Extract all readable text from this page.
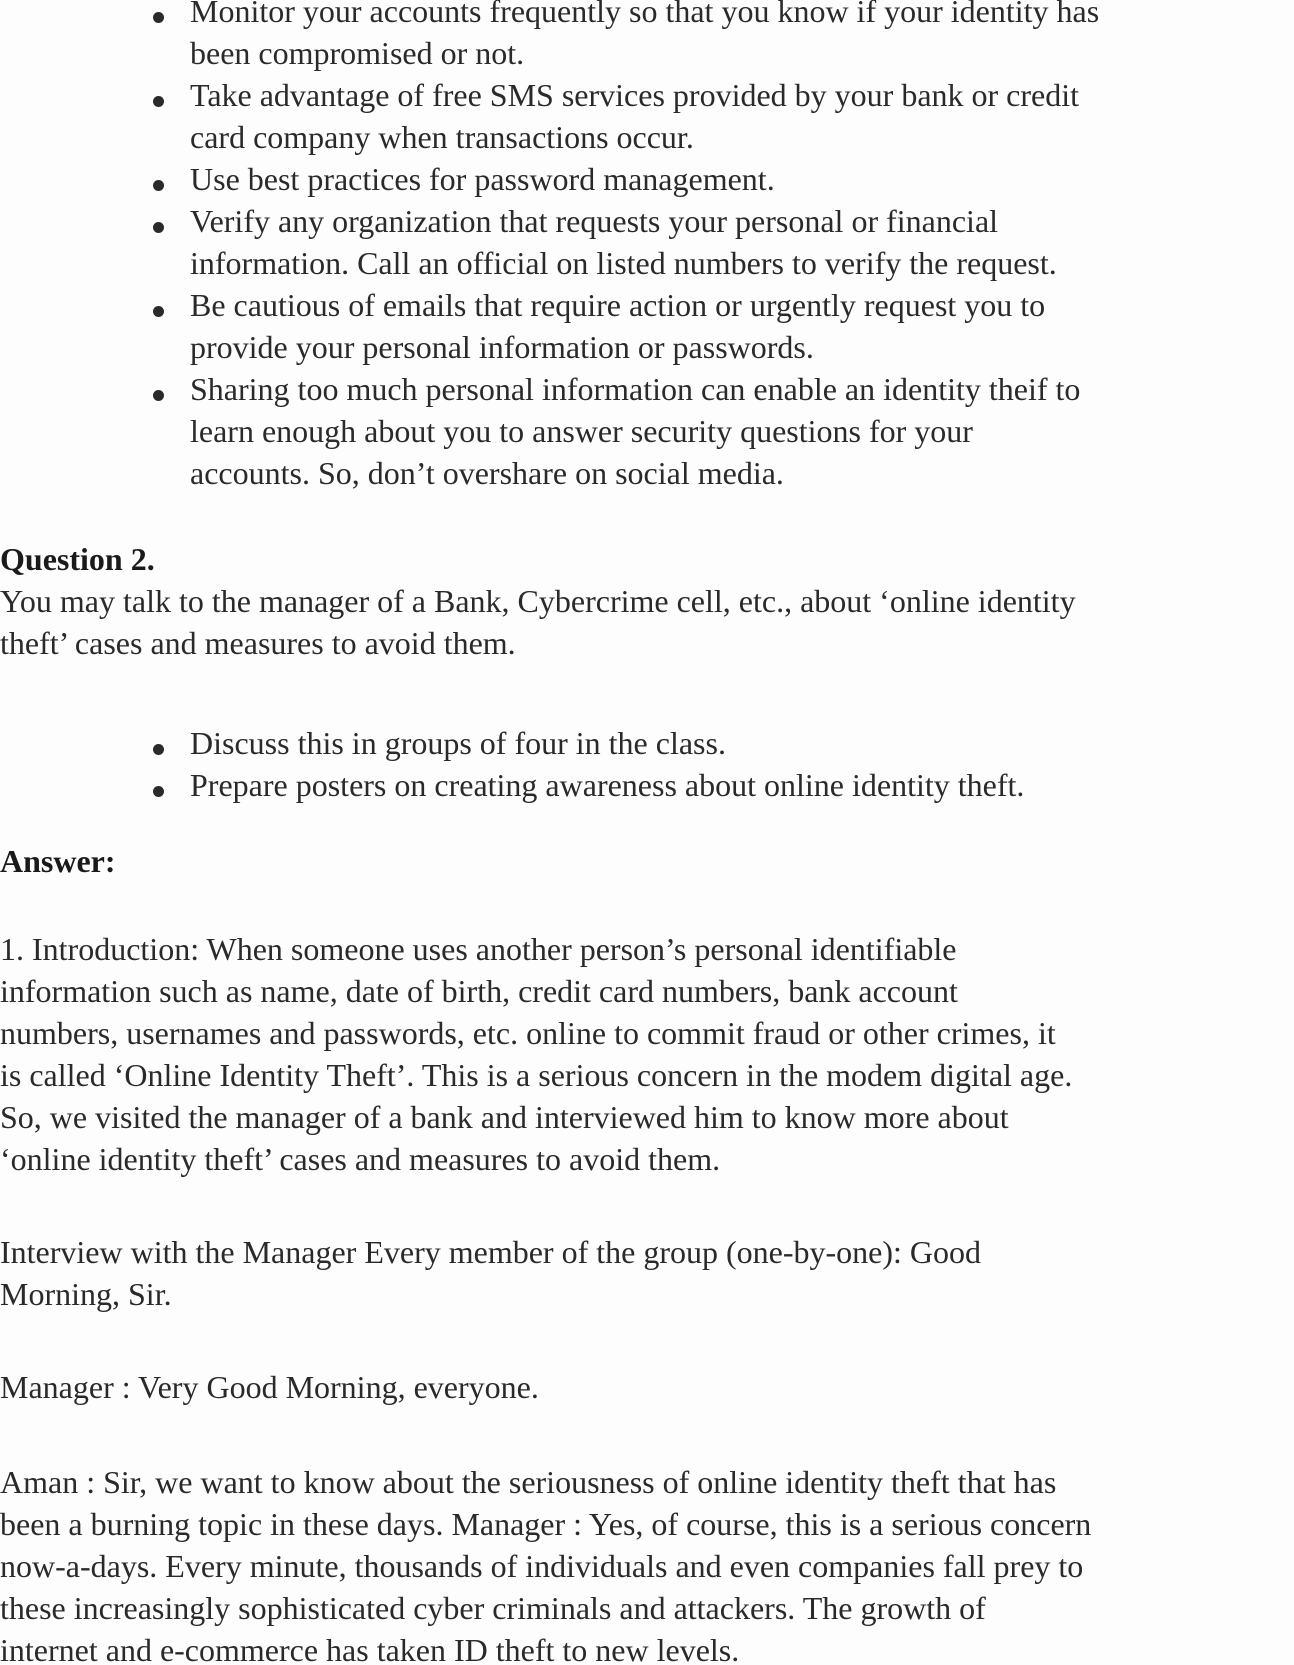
Monitor your accounts frequently so that you know if your identity has
been compromised or not.
Take advantage of free SMS services provided by your bank or credit
card company when transactions occur.
Use best practices for password management.
Verify any organization that requests your personal or financial
information. Call an official on listed numbers to verify the request.
Be cautious of emails that require action or urgently request you to
provide your personal information or passwords.
Sharing too much personal information can enable an identity theif to
learn enough about you to answer security questions for your
accounts. So, don’t overshare on social media.
Question 2.
You may talk to the manager of a Bank, Cybercrime cell, etc., about ‘online identity
theft’ cases and measures to avoid them.
Discuss this in groups of four in the class.
Prepare posters on creating awareness about online identity theft.
Answer:
1. Introduction: When someone uses another person’s personal identifiable
information such as name, date of birth, credit card numbers, bank account
numbers, usernames and passwords, etc. online to commit fraud or other crimes, it
is called ‘Online Identity Theft’. This is a serious concern in the modem digital age.
So, we visited the manager of a bank and interviewed him to know more about
‘online identity theft’ cases and measures to avoid them.
Interview with the Manager Every member of the group (one-by-one): Good
Morning, Sir.
Manager : Very Good Morning, everyone.
Aman : Sir, we want to know about the seriousness of online identity theft that has
been a burning topic in these days. Manager : Yes, of course, this is a serious concern
now-a-days. Every minute, thousands of individuals and even companies fall prey to
these increasingly sophisticated cyber criminals and attackers. The growth of
internet and e-commerce has taken ID theft to new levels.
